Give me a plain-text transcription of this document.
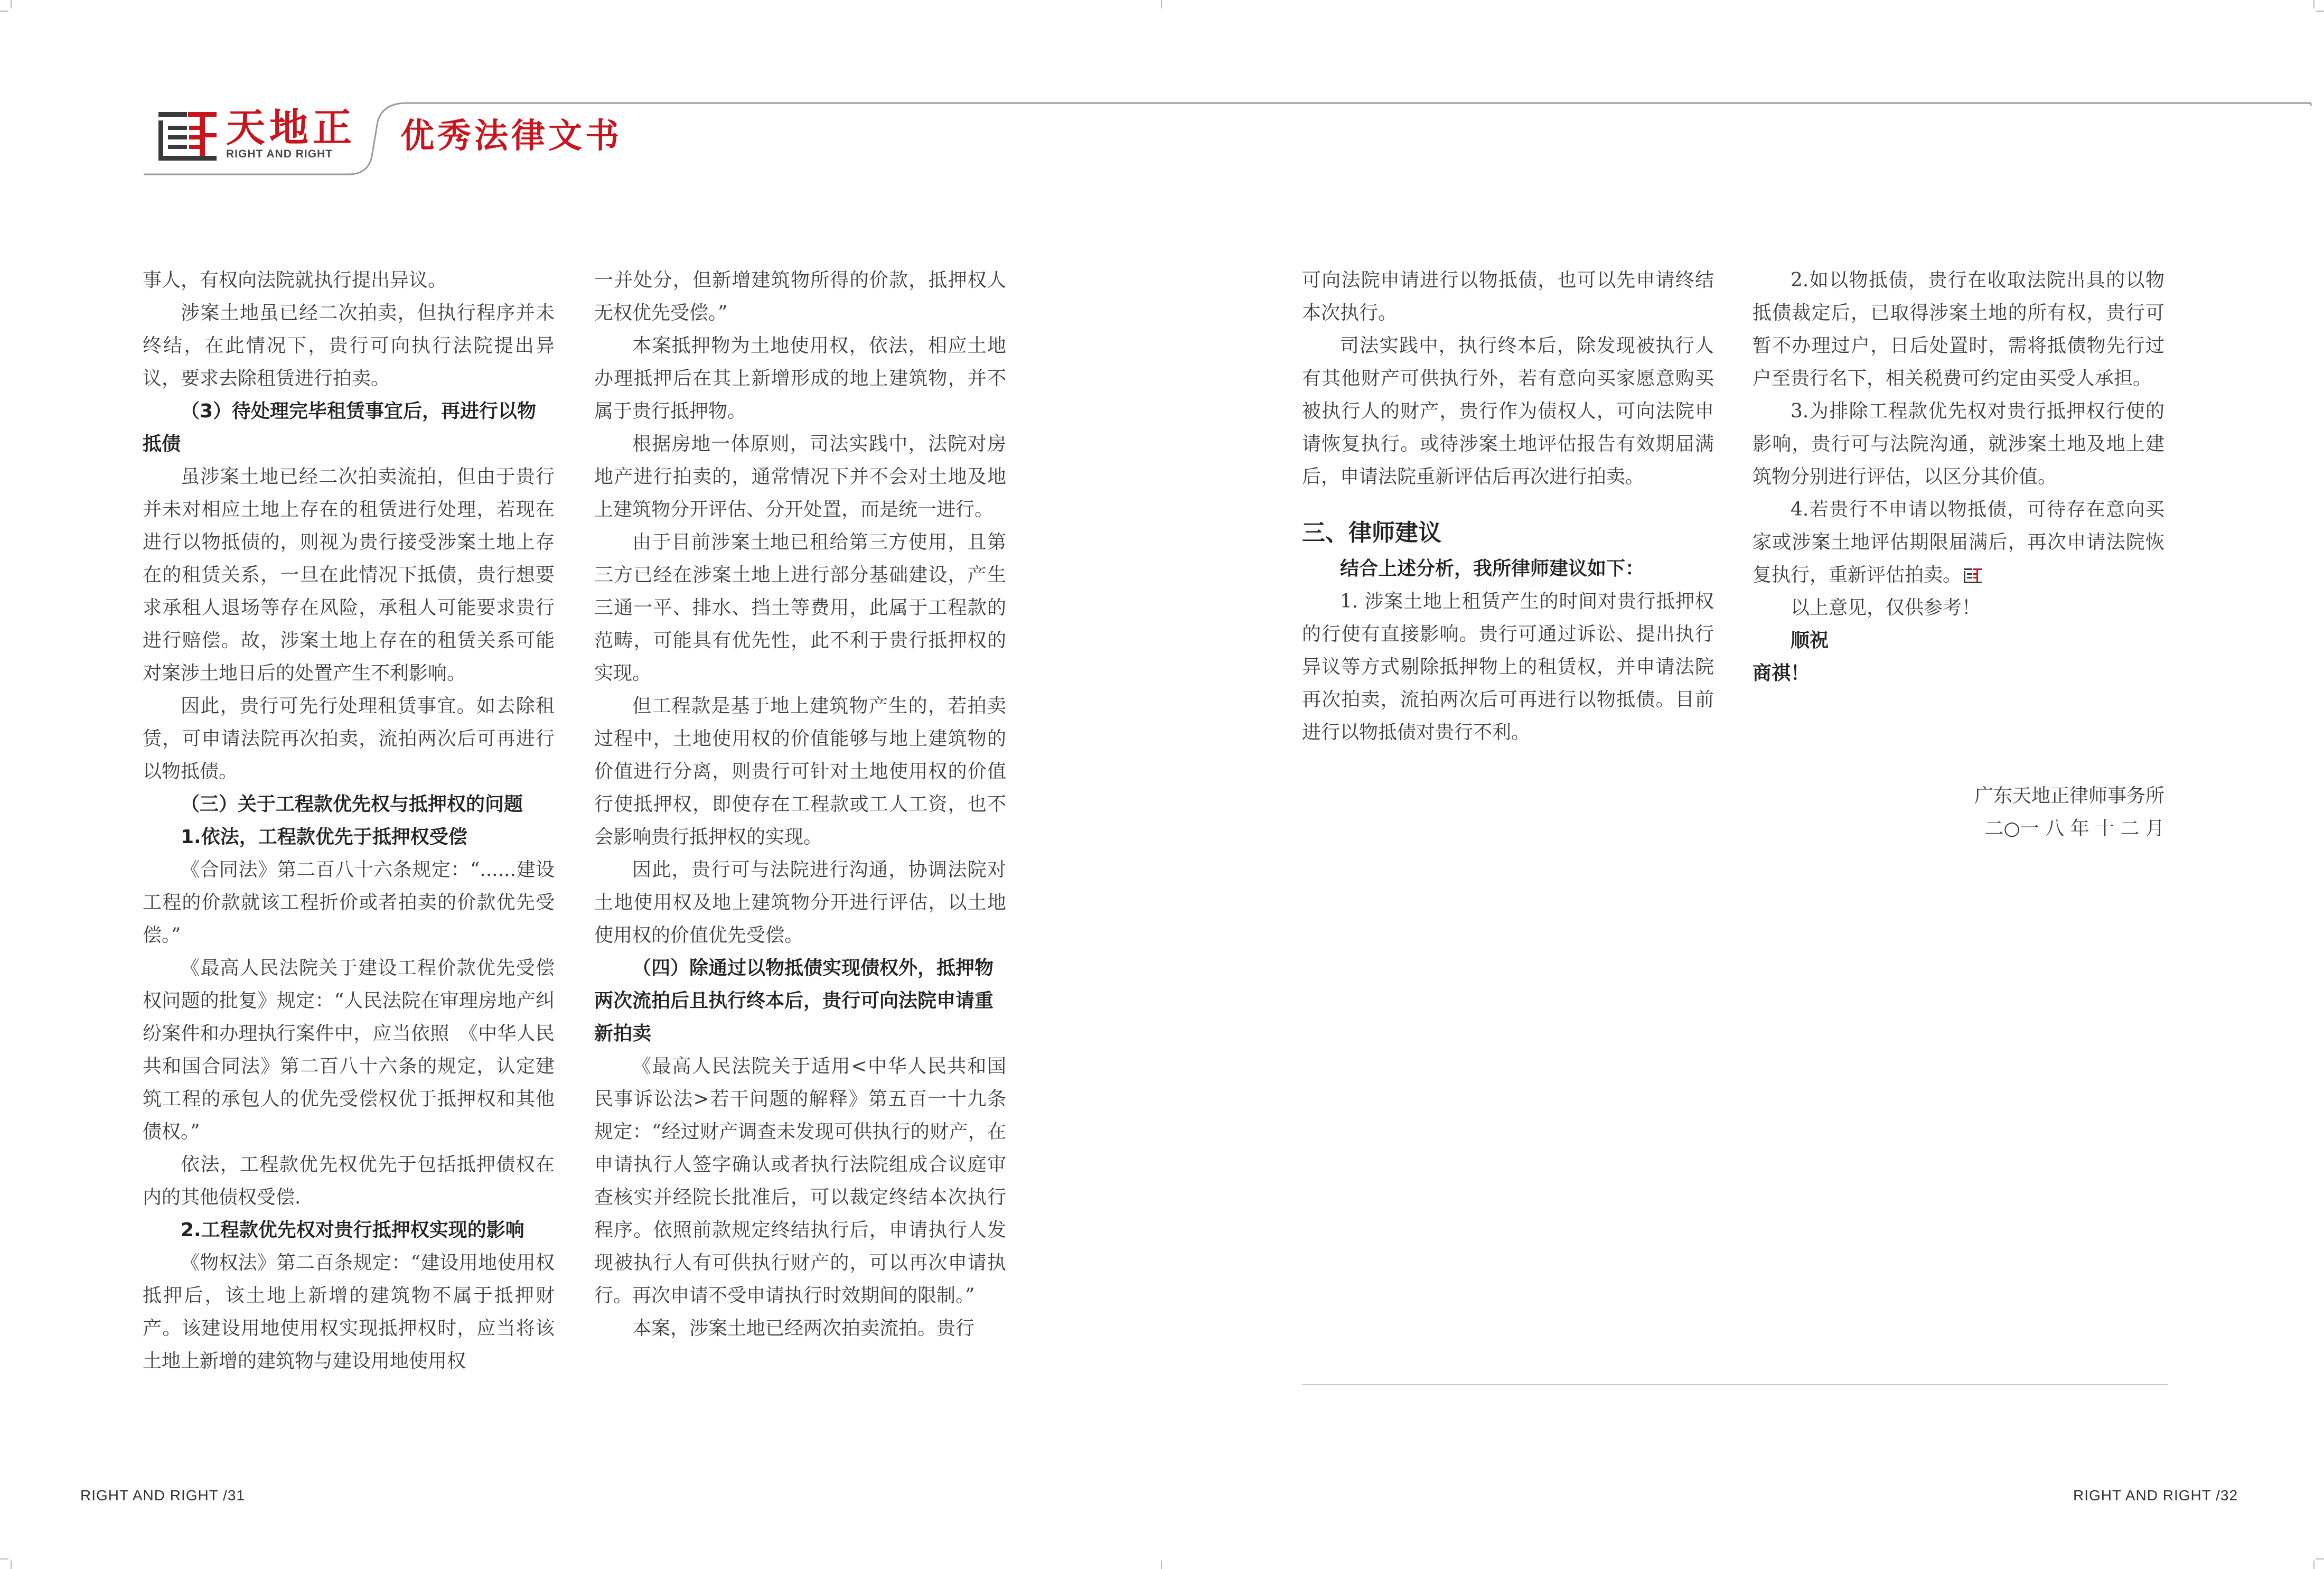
天地正
RIGHT AND RIGHT 优秀法律文书

事人，有权向法院就执行提出异议。

涉案土地虽已经二次拍卖，但执行程序并未终结，在此情况下，贵行可向执行法院提出异议，要求去除租赁进行拍卖。

（3）待处理完毕租赁事宜后，再进行以物抵债

虽涉案土地已经二次拍卖流拍，但由于贵行并未对相应土地上存在的租赁进行处理，若现在进行以物抵债的，则视为贵行接受涉案土地上存在的租赁关系，一旦在此情况下抵债，贵行想要求承租人退场等存在风险，承租人可能要求贵行进行赔偿。故，涉案土地上存在的租赁关系可能对案涉土地日后的处置产生不利影响。

因此，贵行可先行处理租赁事宜。如去除租赁，可申请法院再次拍卖，流拍两次后可再进行以物抵债。

（三）关于工程款优先权与抵押权的问题

1.依法，工程款优先于抵押权受偿

《合同法》第二百八十六条规定：“......建设工程的价款就该工程折价或者拍卖的价款优先受偿。”

《最高人民法院关于建设工程价款优先受偿权问题的批复》规定：“人民法院在审理房地产纠纷案件和办理执行案件中，应当依照　《中华人民共和国合同法》第二百八十六条的规定，认定建筑工程的承包人的优先受偿权优于抵押权和其他债权。”

依法，工程款优先权优先于包括抵押债权在内的其他债权受偿.

2.工程款优先权对贵行抵押权实现的影响

《物权法》第二百条规定：“建设用地使用权抵押后，该土地上新增的建筑物不属于抵押财产。该建设用地使用权实现抵押权时，应当将该土地上新增的建筑物与建设用地使用权

一并处分，但新增建筑物所得的价款，抵押权人无权优先受偿。”

本案抵押物为土地使用权，依法，相应土地办理抵押后在其上新增形成的地上建筑物，并不属于贵行抵押物。

根据房地一体原则，司法实践中，法院对房地产进行拍卖的，通常情况下并不会对土地及地上建筑物分开评估、分开处置，而是统一进行。

由于目前涉案土地已租给第三方使用，且第三方已经在涉案土地上进行部分基础建设，产生三通一平、排水、挡土等费用，此属于工程款的范畴，可能具有优先性，此不利于贵行抵押权的实现。

但工程款是基于地上建筑物产生的，若拍卖过程中，土地使用权的价值能够与地上建筑物的价值进行分离，则贵行可针对土地使用权的价值行使抵押权，即使存在工程款或工人工资，也不会影响贵行抵押权的实现。

因此，贵行可与法院进行沟通，协调法院对土地使用权及地上建筑物分开进行评估，以土地使用权的价值优先受偿。

（四）除通过以物抵债实现债权外，抵押物两次流拍后且执行终本后，贵行可向法院申请重新拍卖

《最高人民法院关于适用<中华人民共和国民事诉讼法>若干问题的解释》第五百一十九条规定：“经过财产调查未发现可供执行的财产，在申请执行人签字确认或者执行法院组成合议庭审查核实并经院长批准后，可以裁定终结本次执行程序。依照前款规定终结执行后，申请执行人发现被执行人有可供执行财产的，可以再次申请执行。再次申请不受申请执行时效期间的限制。”

本案，涉案土地已经两次拍卖流拍。贵行

可向法院申请进行以物抵债，也可以先申请终结本次执行。

司法实践中，执行终本后，除发现被执行人有其他财产可供执行外，若有意向买家愿意购买被执行人的财产，贵行作为债权人，可向法院申请恢复执行。或待涉案土地评估报告有效期届满后，申请法院重新评估后再次进行拍卖。

三、律师建议

结合上述分析，我所律师建议如下：

1. 涉案土地上租赁产生的时间对贵行抵押权的行使有直接影响。贵行可通过诉讼、提出执行异议等方式剔除抵押物上的租赁权，并申请法院再次拍卖，流拍两次后可再进行以物抵债。目前进行以物抵债对贵行不利。

2.如以物抵债，贵行在收取法院出具的以物抵债裁定后，已取得涉案土地的所有权，贵行可暂不办理过户，日后处置时，需将抵债物先行过户至贵行名下，相关税费可约定由买受人承担。

3.为排除工程款优先权对贵行抵押权行使的影响，贵行可与法院沟通，就涉案土地及地上建筑物分别进行评估，以区分其价值。

4.若贵行不申请以物抵债，可待存在意向买家或涉案土地评估期限届满后，再次申请法院恢复执行，重新评估拍卖。

以上意见，仅供参考！

顺祝

商祺！

广东天地正律师事务所

二○一 八 年 十 二 月

RIGHT AND RIGHT /31	RIGHT AND RIGHT /32
